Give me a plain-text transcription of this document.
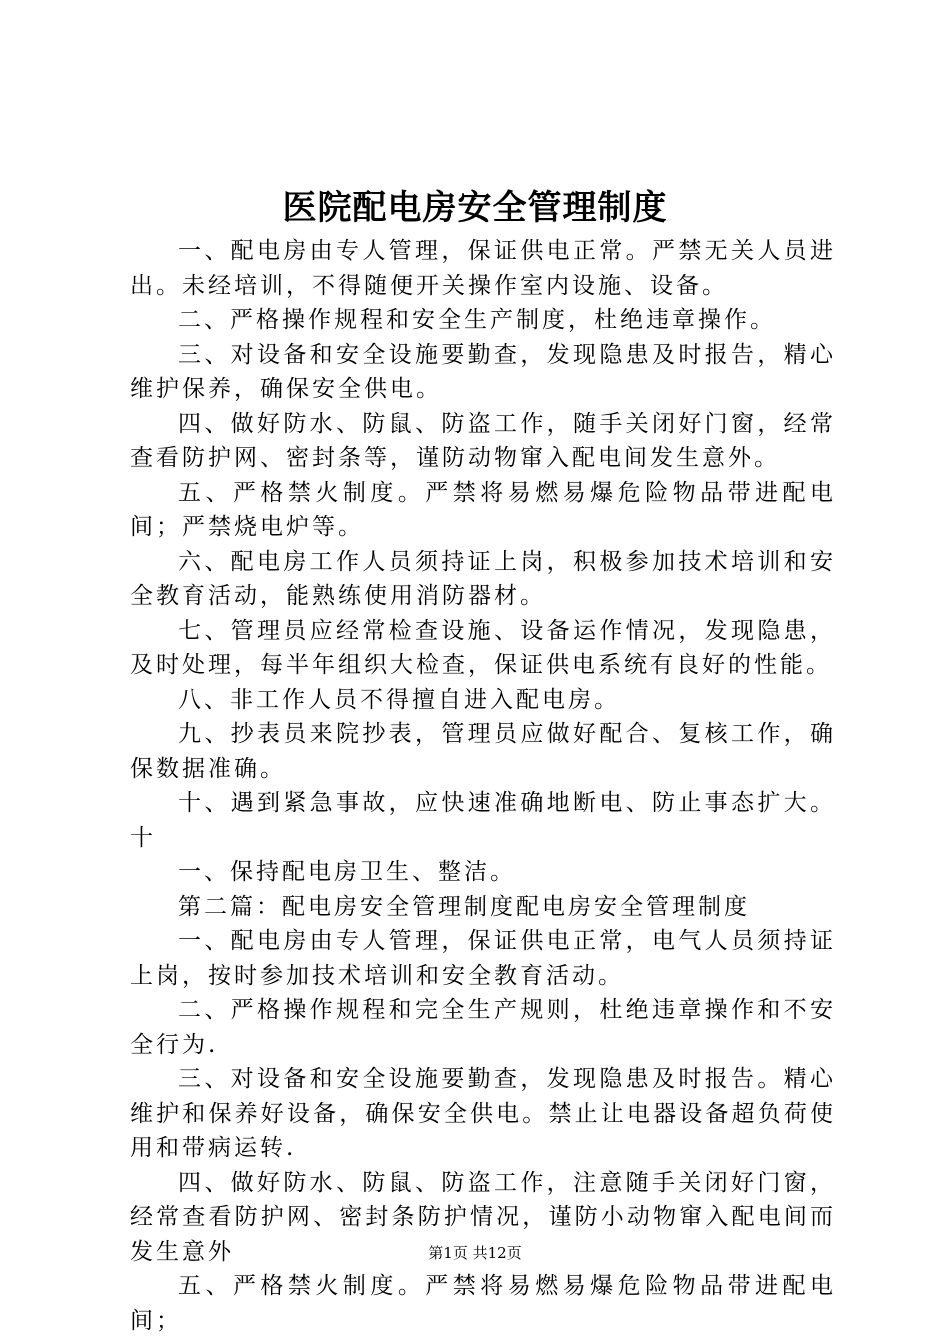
医院配电房安全管理制度

一、配电房由专人管理，保证供电正常。严禁无关人员进出。未经培训，不得随便开关操作室内设施、设备。

二、严格操作规程和安全生产制度，杜绝违章操作。

三、对设备和安全设施要勤查，发现隐患及时报告，精心维护保养，确保安全供电。

四、做好防水、防鼠、防盗工作，随手关闭好门窗，经常查看防护网、密封条等，谨防动物窜入配电间发生意外。

五、严格禁火制度。严禁将易燃易爆危险物品带进配电间；严禁烧电炉等。

六、配电房工作人员须持证上岗，积极参加技术培训和安全教育活动，能熟练使用消防器材。

七、管理员应经常检查设施、设备运作情况，发现隐患，及时处理，每半年组织大检查，保证供电系统有良好的性能。

八、非工作人员不得擅自进入配电房。

九、抄表员来院抄表，管理员应做好配合、复核工作，确保数据准确。

十、遇到紧急事故，应快速准确地断电、防止事态扩大。十

一、保持配电房卫生、整洁。

第二篇：配电房安全管理制度配电房安全管理制度

一、配电房由专人管理，保证供电正常，电气人员须持证上岗，按时参加技术培训和安全教育活动。

二、严格操作规程和完全生产规则，杜绝违章操作和不安全行为.

三、对设备和安全设施要勤查，发现隐患及时报告。精心维护和保养好设备，确保安全供电。禁止让电器设备超负荷使用和带病运转.

四、做好防水、防鼠、防盗工作，注意随手关闭好门窗，经常查看防护网、密封条防护情况，谨防小动物窜入配电间而发生意外

五、严格禁火制度。严禁将易燃易爆危险物品带进配电间；

第1页 共12页
